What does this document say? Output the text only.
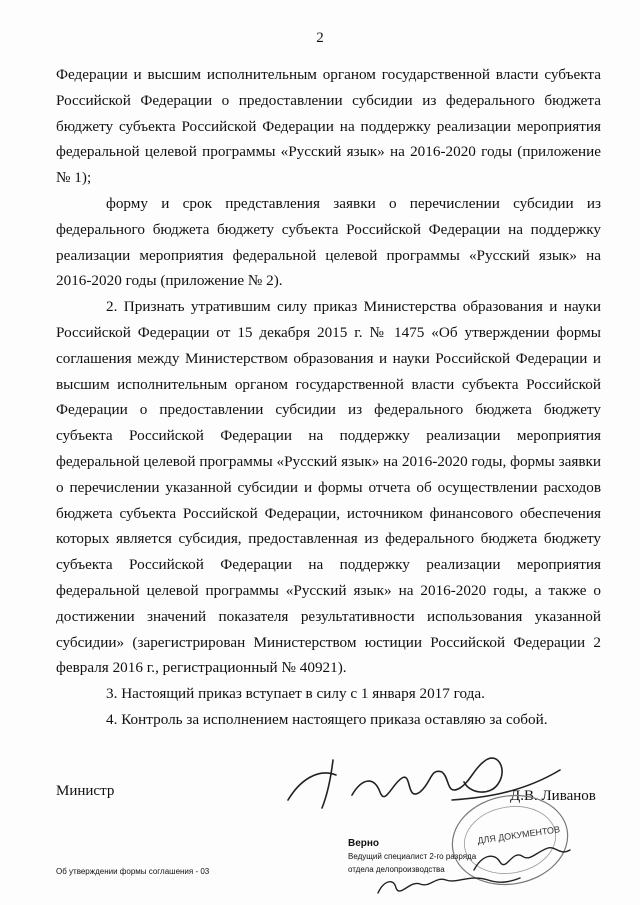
2

Федерации и высшим исполнительным органом государственной власти субъекта Российской Федерации о предоставлении субсидии из федерального бюджета бюджету субъекта Российской Федерации на поддержку реализации мероприятия федеральной целевой программы «Русский язык» на 2016-2020 годы (приложение № 1);

форму и срок представления заявки о перечислении субсидии из федерального бюджета бюджету субъекта Российской Федерации на поддержку реализации мероприятия федеральной целевой программы «Русский язык» на 2016-2020 годы (приложение № 2).

2. Признать утратившим силу приказ Министерства образования и науки Российской Федерации от 15 декабря 2015 г. № 1475 «Об утверждении формы соглашения между Министерством образования и науки Российской Федерации и высшим исполнительным органом государственной власти субъекта Российской Федерации о предоставлении субсидии из федерального бюджета бюджету субъекта Российской Федерации на поддержку реализации мероприятия федеральной целевой программы «Русский язык» на 2016-2020 годы, формы заявки о перечислении указанной субсидии и формы отчета об осуществлении расходов бюджета субъекта Российской Федерации, источником финансового обеспечения которых является субсидия, предоставленная из федерального бюджета бюджету субъекта Российской Федерации на поддержку реализации мероприятия федеральной целевой программы «Русский язык» на 2016-2020 годы, а также о достижении значений показателя результативности использования указанной субсидии» (зарегистрирован Министерством юстиции Российской Федерации 2 февраля 2016 г., регистрационный № 40921).

3. Настоящий приказ вступает в силу с 1 января 2017 года.

4. Контроль за исполнением настоящего приказа оставляю за собой.

Министр	Д.В. Ливанов
ДЛЯ ДОКУМЕНТОВ
Верно
Ведущий специалист 2-го разряда
отдела делопроизводства
Об утверждении формы соглашения - 03
